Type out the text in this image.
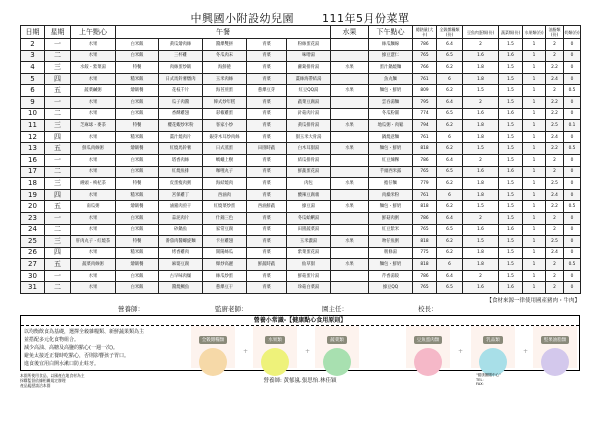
中興國小附設幼兒園	111年5月份菜單
日期	星期	上午點心	午餐					水果	下午點心	總熱量(大卡)	全穀雜糧類(份)	豆魚肉蛋類(份)	蔬菜類(份)	水果類(份)	油脂類(份)	奶類(份)
2	一	水果	白米飯	黃瓜燴肉絲	醬爆雙拼	青菜	粉絲蛋花湯		絲瓜麵線	786	6.4	2	1.5	1	2	0
3	二	水果	白米飯	三杯雞	冬瓜肉末	青菜	味噌湯		綠豆薏仁	765	6.5	1.6	1.6	1	2	0
4	三	水餃・紫菜湯	特餐	肉絲蛋炒飯	海鮮捲	青菜	蘿蔔排骨湯	水果	蛋汁鍋燒麵	766	6.2	1.8	1.5	1	2.2	0
5	四	水果	糙米飯	日式馬鈴薯燉肉	玉米肉絲	青菜	薑絲海帶結湯		魚丸麵	761	6	1.8	1.5	1	2.4	0
6	五	蔬菜鹹粥	燴飯餐	花枝千片	海苔煎蛋	蔥爆豆芽	紅豆QQ湯	水果	麵包・鮮奶	809	6.2	1.5	1.5	1	2	0.5
9	一	水果	白米飯	瓜子肉醬	韓式炒年糕	青菜	蔬菜豆腐湯		雲吞湯麵	795	6.4	2	1.5	1	2.2	0
10	二	水果	白米飯	香酥雞翅	彩椒雞蛋	青菜	針菇肉片湯		冬瓜粉圓	774	6.5	1.6	1.6	1	2.2	0
11	三	芝麻球・麥茶	特餐	櫻花蝦炒米粉	客家小炒	青菜	黃瓜排骨湯	水果	地瓜粥・肉鬆	794	6.2	1.8	1.5	1	2.5	0.1
12	四	水果	糙米飯	薑汁燒肉片	銀芽木耳炒肉絲	青菜	甜玉米大骨湯		鍋燒意麵	761	6	1.8	1.5	1	2.4	0
13	五	鮮瓜肉絲粥	燴飯餐	紅燒馬鈴薯	日式蒸蛋	田園時蔬	白木耳甜湯	水果	麵包・鮮奶	818	6.2	1.5	1.5	1	2.2	0.5
16	一	水果	白米飯	塔香肉絲	螞蟻上樹	青菜	結瓜排骨湯		紅豆煉粿	786	6.4	2	1.5	1	2	0
17	二	水果	白米飯	紅燒魚排	咖哩丸子	青菜	鮮蔬蛋花湯		芋頭西米露	765	6.5	1.6	1.6	1	2	0
18	三	饅頭・枸杞茶	特餐	皮蛋瘦肉粥	海結燒肉	青菜	肉包	水果	擔仔麵	779	6.2	1.8	1.5	1	2.5	0
19	四	水果	糙米飯	宮保雞丁	西滷肉	青菜	酸辣豆腐羹		肉燥米粉	761	6	1.8	1.5	1	2.4	0
20	五	南瓜粥	燴飯餐	滷豬肉煎干	紅燒菜炒蛋	西滷鮮蔬	綠豆湯	水果	麵包・鮮奶	818	6.2	1.5	1.5	1	2.2	0.5
23	一	水果	白米飯	蒜泥肉片	什錦三色	青菜	冬瓜蛤蜊湯		鮮菇肉粥	786	6.4	2	1.5	1	2	0
24	二	水果	白米飯	砂鍋魚	家常豆腐	青菜	田園蔬菜湯		紅豆紫米	765	6.5	1.6	1.6	1	2	0
25	三	肝肉丸子・紅燒茶	特餐	番茄肉醬螺旋麵	卡拉雞翅	青菜	玉米濃湯	水果	吻仔魚粥	818	6.2	1.5	1.5	1	2.5	0
26	四	水果	糙米飯	烤香雞肉	開陽絲瓜	青菜	紫菜蛋花湯		粄條湯	775	6.2	1.8	1.5	1	2.4	0
27	五	蔬菜肉絲粥	燴飯餐	麻婆豆腐	爆炒高麗	鮮蔬時蔬	仙草甜	水果	麵包・鮮奶	818	6	1.8	1.5	1	2	0.5
30	一	水果	白米飯	古早味肉燥	絲瓜炒蛋	青菜	鮮菇蛋片湯		芹香湯餃	786	6.4	2	1.5	1	2	0
31	二	水果	白米飯	醬燒鯛魚	蔥爆豆干	青菜	珍菇白菜湯		綠豆QQ	765	6.5	1.6	1.6	1	2	0
【食材來源一律使用國產豬肉・牛肉】
營養師：	監廚老師：	園主任：	校長：
營養小常識-【健康點心食用原則】
以均衡飲食為基礎，選擇全穀雜糧類、新鮮蔬果類為主
並搭配多元化食物組合。
減少高油、高糖及高鹽的點心(一週一次)。
避免太接近正餐時吃點心，否則影響孩子胃口。
進食後宜用白開水漱口防止蛀牙。
全穀雜糧類
+
水果類
+
蔬菜類	豆魚蛋肉類
+
乳品類
+
堅果油脂類
本園所使用食品，以國產在地食材為主
採購監督依據相關規定辦理
產品履歷請洽本園
營養師: 黃郁嵐.張思怡.林佳穎
"健康團膳中心"
TEL：
FAX：
